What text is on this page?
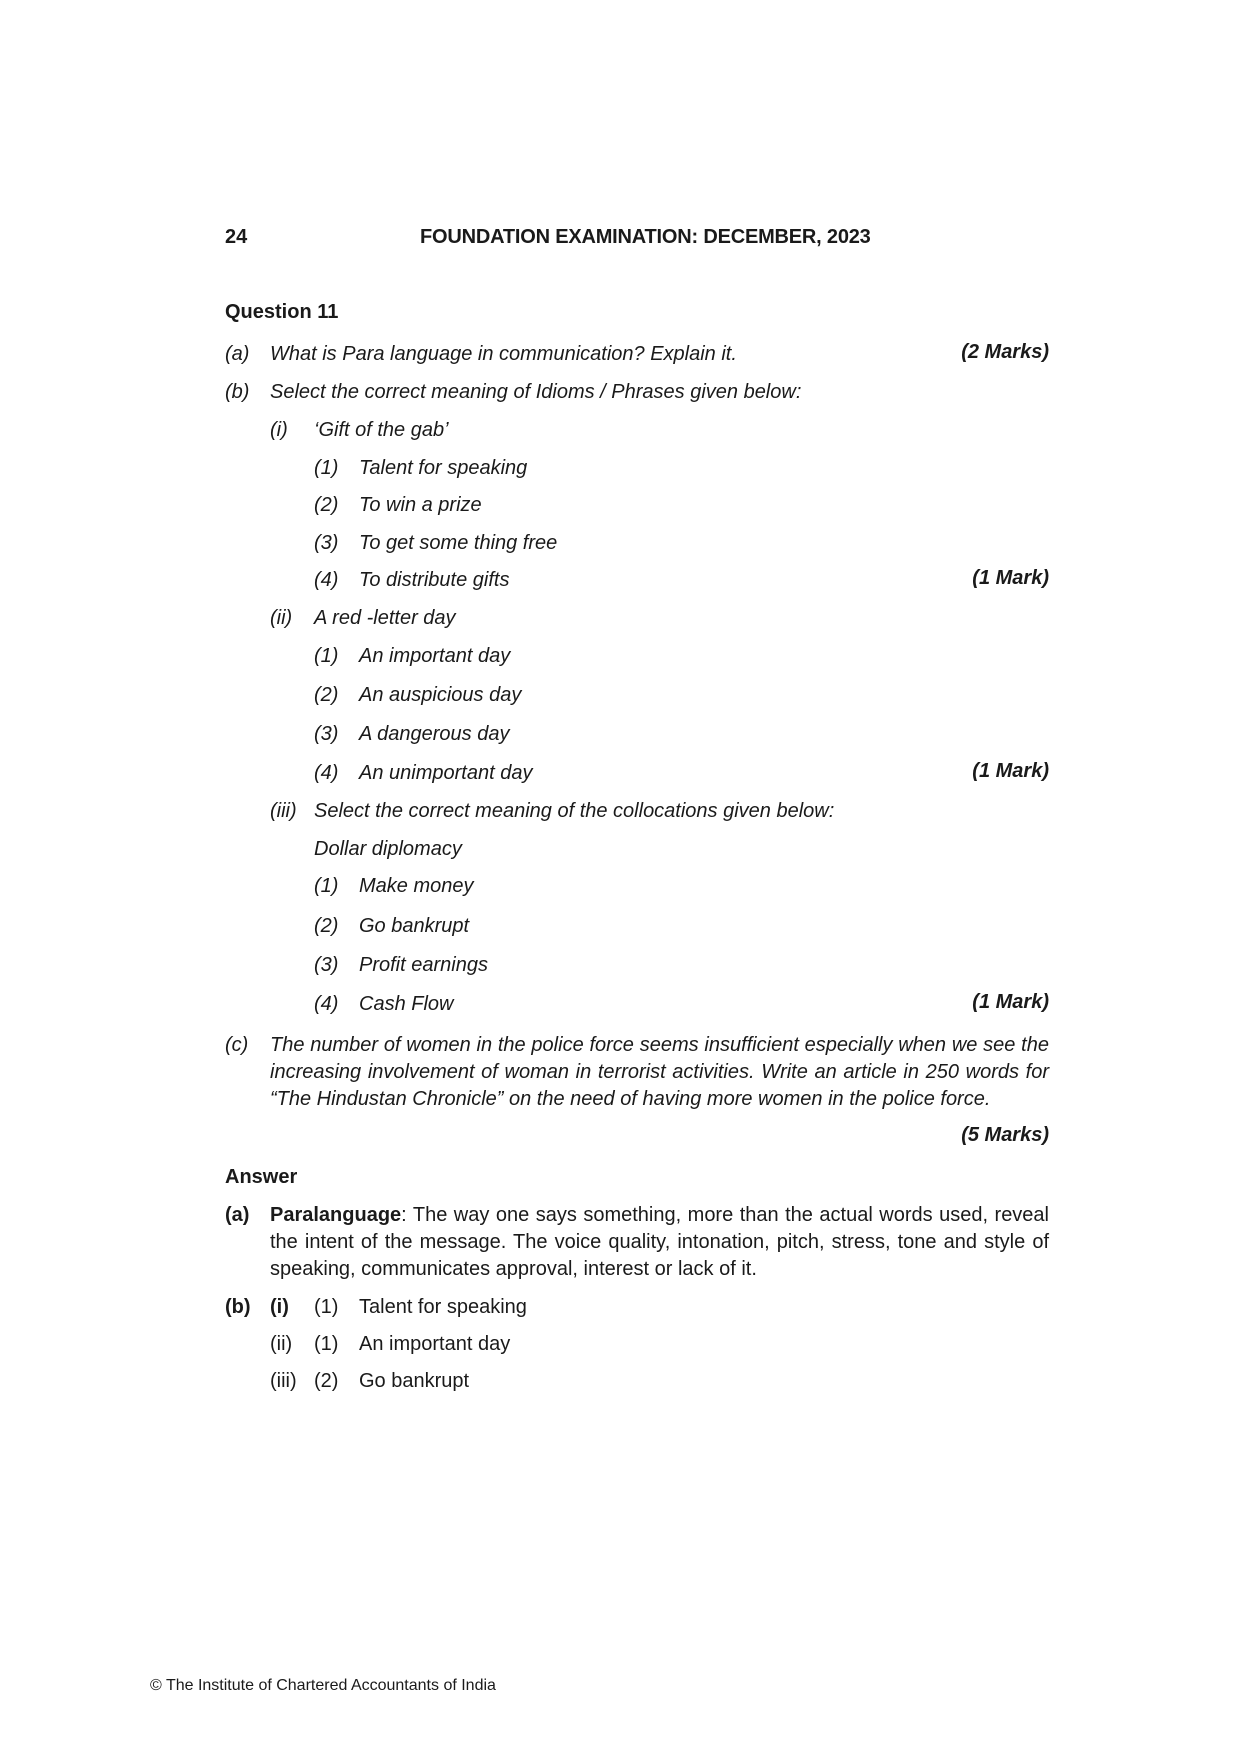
24	FOUNDATION EXAMINATION: DECEMBER, 2023
Question 11
(a) What is Para language in communication? Explain it.	(2 Marks)
(b) Select the correct meaning of Idioms / Phrases given below:
(i) ‘Gift of the gab’
(1) Talent for speaking
(2) To win a prize
(3) To get some thing free
(4) To distribute gifts	(1 Mark)
(ii) A red -letter day
(1) An important day
(2) An auspicious day
(3) A dangerous day
(4) An unimportant day	(1 Mark)
(iii) Select the correct meaning of the collocations given below:
Dollar diplomacy
(1) Make money
(2) Go bankrupt
(3) Profit earnings
(4) Cash Flow	(1 Mark)
(c) The number of women in the police force seems insufficient especially when we see the increasing involvement of woman in terrorist activities. Write an article in 250 words for “The Hindustan Chronicle” on the need of having more women in the police force.
(5 Marks)
Answer
(a) Paralanguage: The way one says something, more than the actual words used, reveal the intent of the message. The voice quality, intonation, pitch, stress, tone and style of speaking, communicates approval, interest or lack of it.
(b) (i) (1) Talent for speaking
(ii) (1) An important day
(iii) (2) Go bankrupt
© The Institute of Chartered Accountants of India
